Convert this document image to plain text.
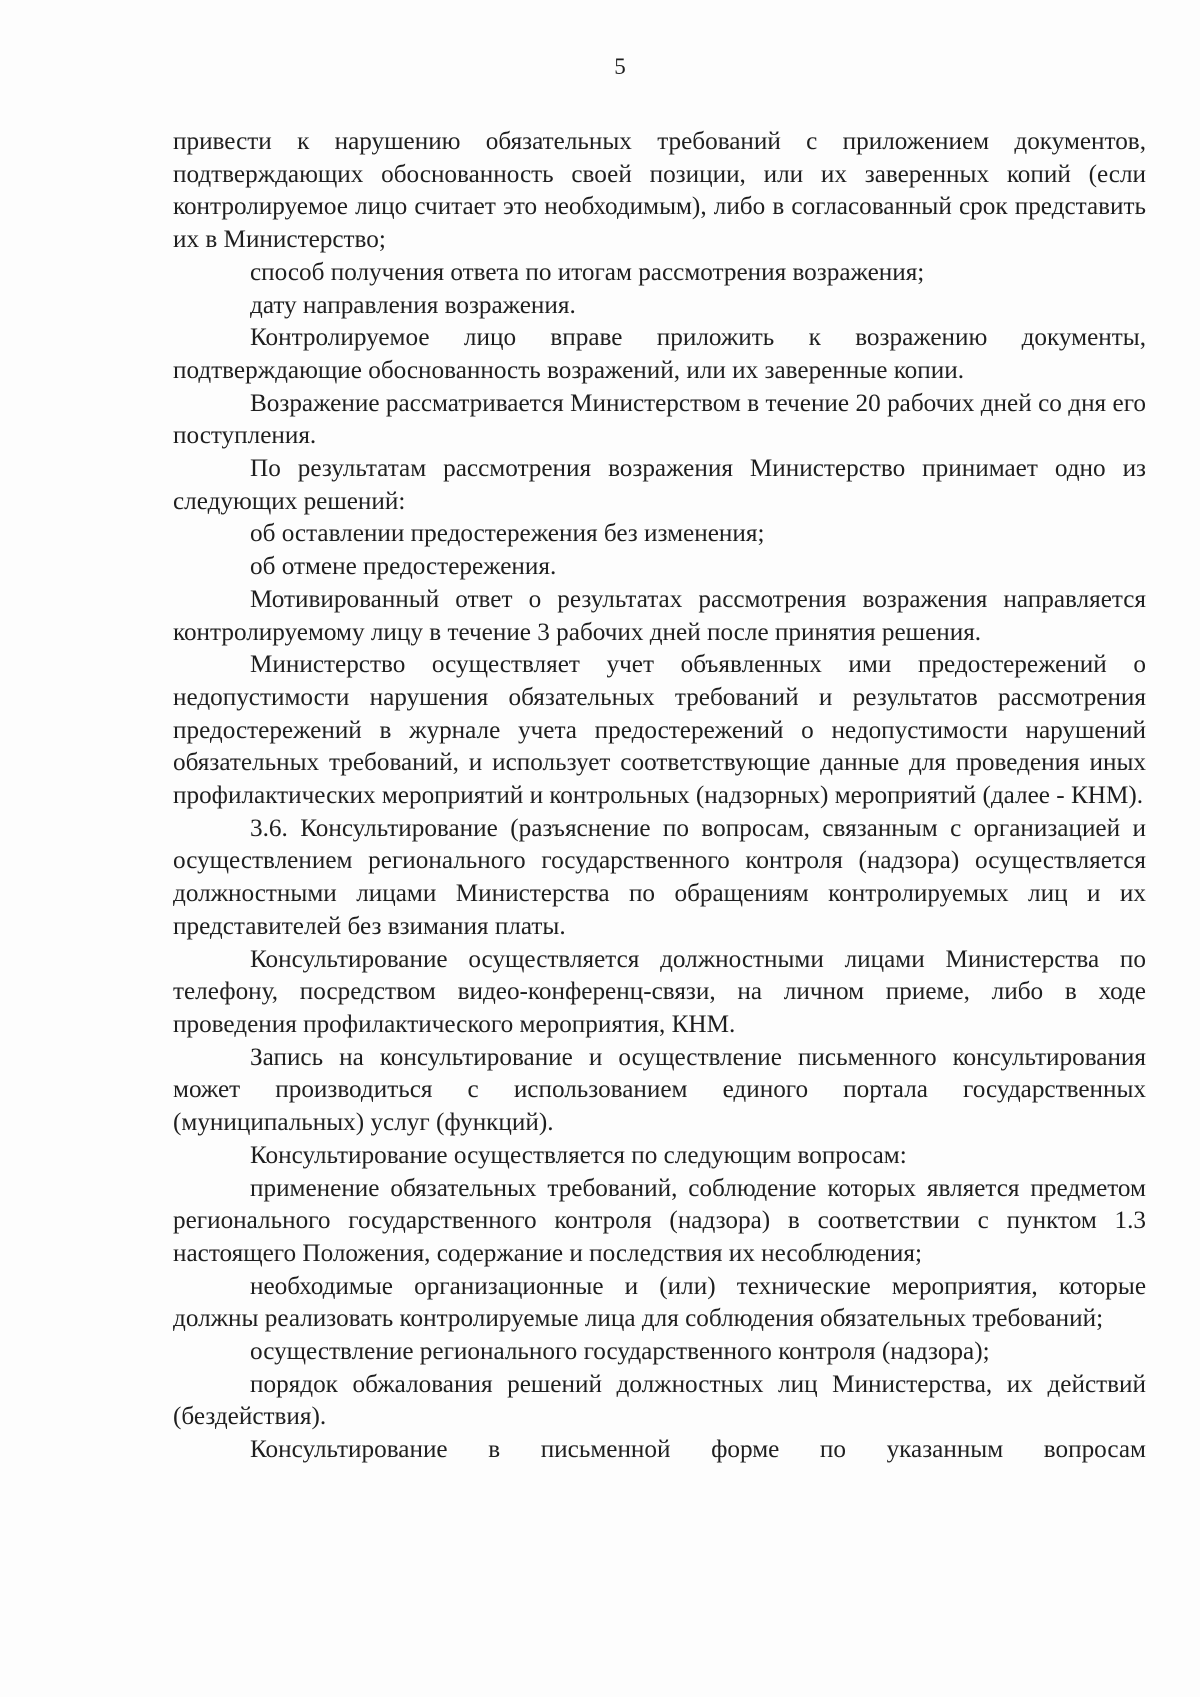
5

привести к нарушению обязательных требований с приложением документов, подтверждающих обоснованность своей позиции, или их заверенных копий (если контролируемое лицо считает это необходимым), либо в согласованный срок представить их в Министерство;

способ получения ответа по итогам рассмотрения возражения;

дату направления возражения.

Контролируемое лицо вправе приложить к возражению документы, подтверждающие обоснованность возражений, или их заверенные копии.

Возражение рассматривается Министерством в течение 20 рабочих дней со дня его поступления.

По результатам рассмотрения возражения Министерство принимает одно из следующих решений:

об оставлении предостережения без изменения;

об отмене предостережения.

Мотивированный ответ о результатах рассмотрения возражения направляется контролируемому лицу в течение 3 рабочих дней после принятия решения.

Министерство осуществляет учет объявленных ими предостережений о недопустимости нарушения обязательных требований и результатов рассмотрения предостережений в журнале учета предостережений о недопустимости нарушений обязательных требований, и использует соответствующие данные для проведения иных профилактических мероприятий и контрольных (надзорных) мероприятий (далее - КНМ).

3.6. Консультирование (разъяснение по вопросам, связанным с организацией и осуществлением регионального государственного контроля (надзора) осуществляется должностными лицами Министерства по обращениям контролируемых лиц и их представителей без взимания платы.

Консультирование осуществляется должностными лицами Министерства по телефону, посредством видео-конференц-связи, на личном приеме, либо в ходе проведения профилактического мероприятия, КНМ.

Запись на консультирование и осуществление письменного консультирования может производиться с использованием единого портала государственных (муниципальных) услуг (функций).

Консультирование осуществляется по следующим вопросам:

применение обязательных требований, соблюдение которых является предметом регионального государственного контроля (надзора) в соответствии с пунктом 1.3 настоящего Положения, содержание и последствия их несоблюдения;

необходимые организационные и (или) технические мероприятия, которые должны реализовать контролируемые лица для соблюдения обязательных требований;

осуществление регионального государственного контроля (надзора);

порядок обжалования решений должностных лиц Министерства, их действий (бездействия).

Консультирование в письменной форме по указанным вопросам
